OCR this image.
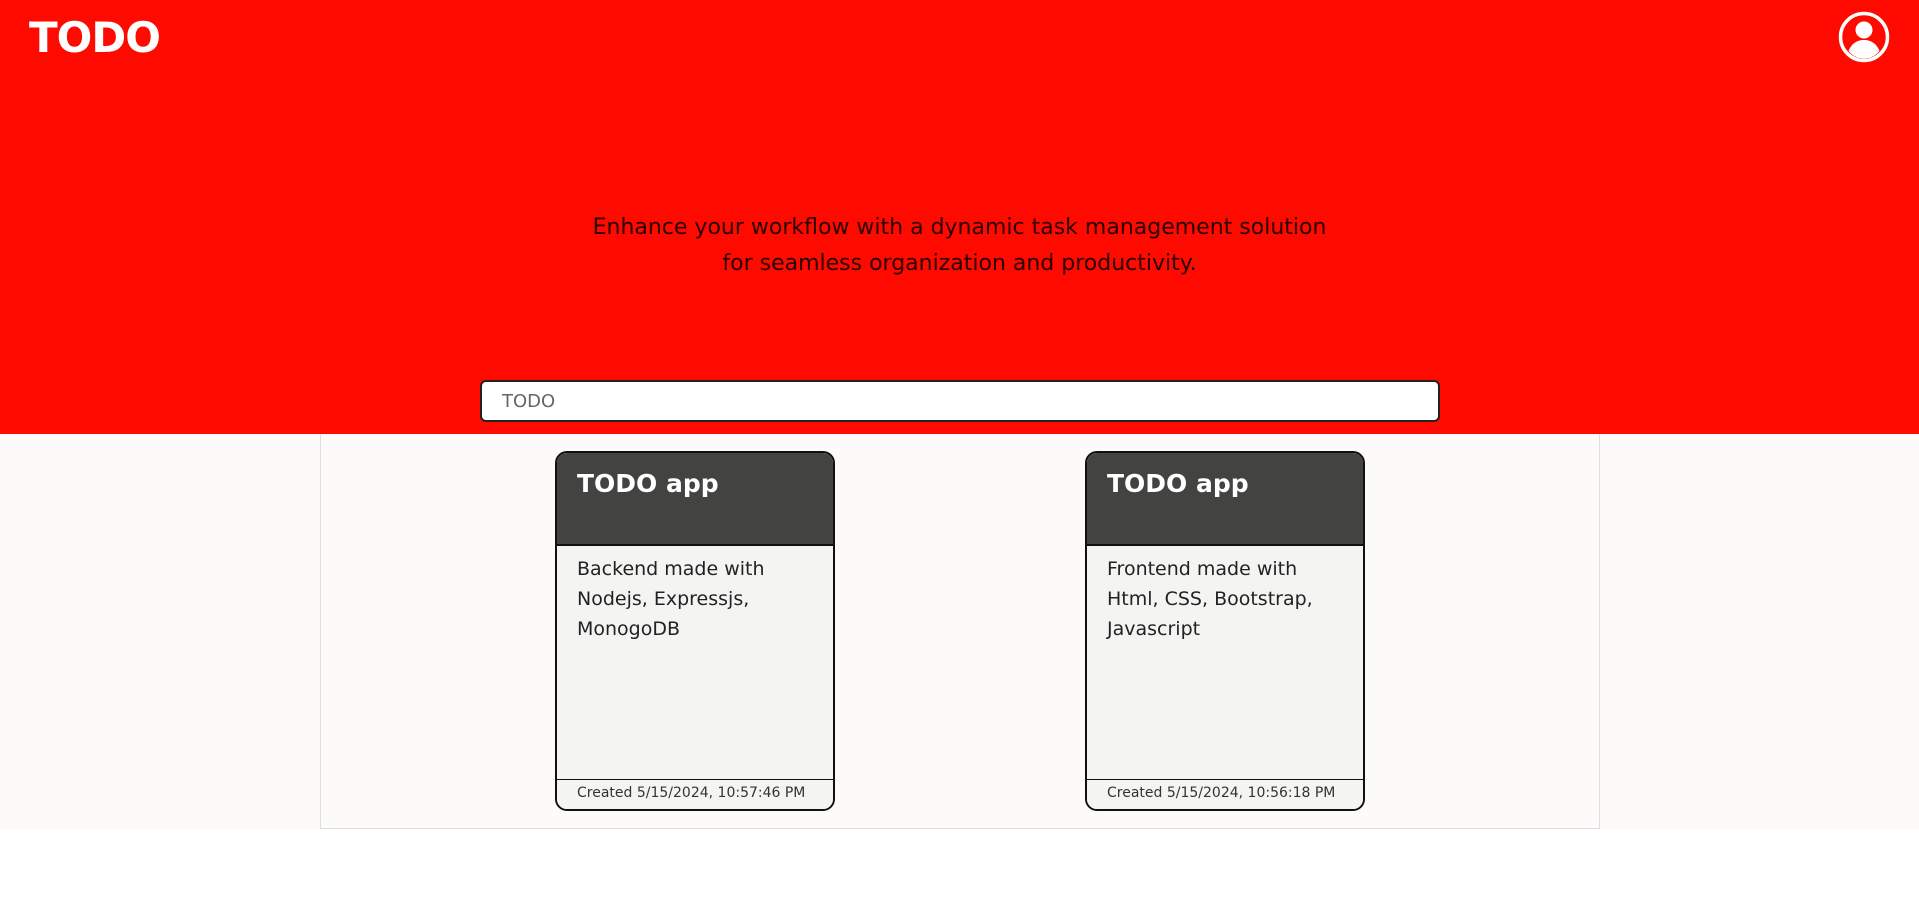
TODO
Enhance your workflow with a dynamic task management solution
for seamless organization and productivity.
TODO
TODO app
Backend made with
Nodejs, Expressjs,
MonogoDB
Created 5/15/2024, 10:57:46 PM
TODO app
Frontend made with
Html, CSS, Bootstrap,
Javascript
Created 5/15/2024, 10:56:18 PM
